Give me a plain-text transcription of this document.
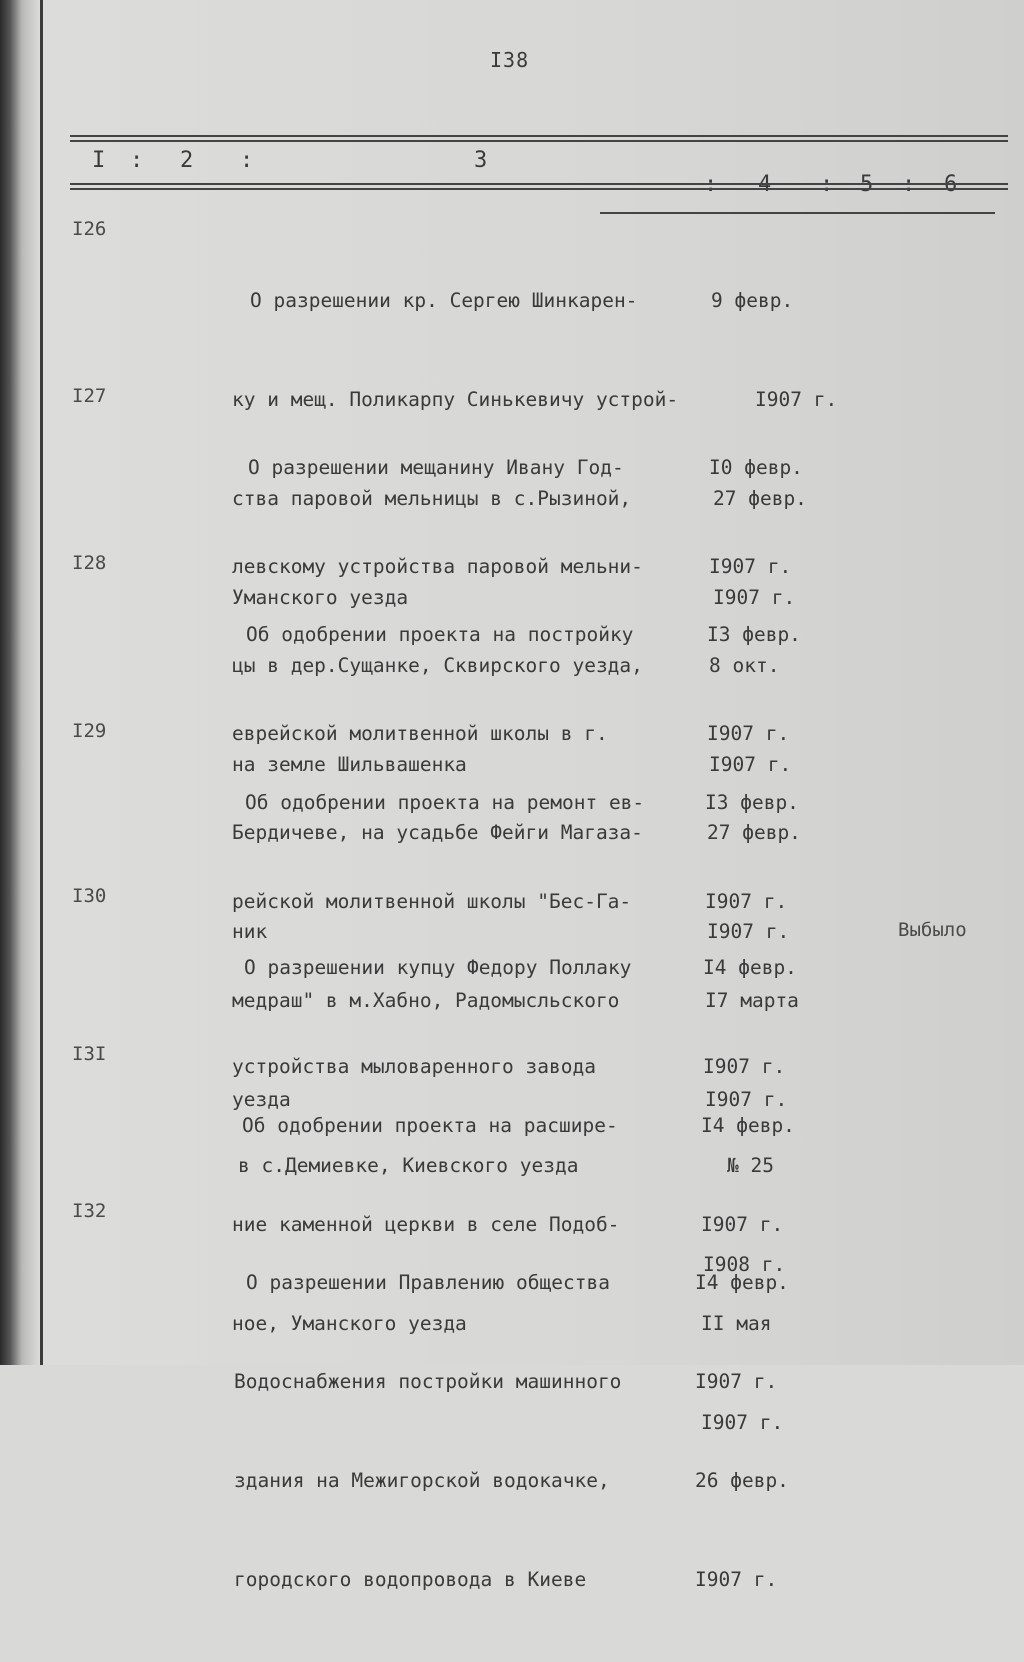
I38
I : 2 :	3
I26

О разрешении кр. Сергею Шинкарен-

ку и мещ. Поликарпу Синькевичу устрой-

ства паровой мельницы в с.Рызиной,

Уманского уезда

9 февр.

I907 г.

27 февр.

I907 г.

I27

О разрешении мещанину Ивану Год-

левскому устройства паровой мельни-

цы в дер.Сущанке, Сквирского уезда,

на земле Шильвашенка

I0 февр.

I907 г.

8 окт.

I907 г.

I28

Об одобрении проекта на постройку

еврейской молитвенной школы в г.

Бердичеве, на усадьбе Фейги Магаза-

ник

I3 февр.

I907 г.

27 февр.

I907 г.

I29

Об одобрении проекта на ремонт ев-

рейской молитвенной школы "Бес-Га-

медраш" в м.Хабно, Радомысльского

уезда

I3 февр.

I907 г.

I7 марта

I907 г.

I30

О разрешении купцу Федору Поллаку

устройства мыловаренного завода

в с.Демиевке, Киевского уезда

I4 февр.

I907 г.

№ 25

I908 г.

Выбыло
I3I

Об одобрении проекта на расшире-

ние каменной церкви в селе Подоб-

ное, Уманского уезда

I4 февр.

I907 г.

II мая

I907 г.

I32

О разрешении Правлению общества

Водоснабжения постройки машинного

здания на Межигорской водокачке,

городского водопровода в Киеве

I4 февр.

I907 г.

26 февр.

I907 г.
